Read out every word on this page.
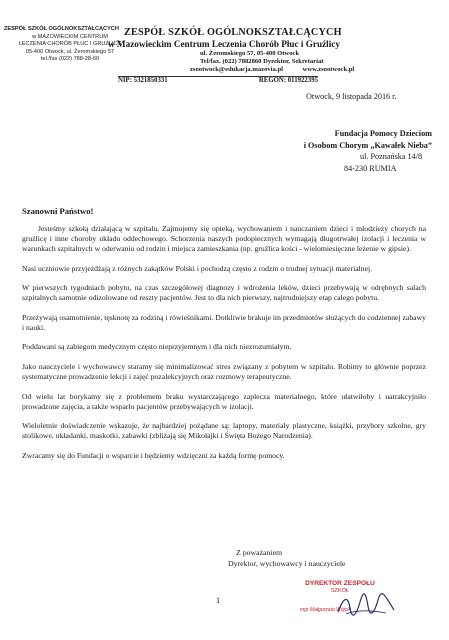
ZESPÓŁ SZKÓŁ OGÓLNOKSZTAŁCĄCYCH
w MAZOWIECKIM CENTRUM
LECZENIA CHORÓB PŁUC I GRUŹLICY
05-400 Otwock, ul. Żeromskiego 57
tel./fax (022) 788-28-60
ZESPÓŁ SZKÓŁ OGÓLNOKSZTAŁCĄCYCH
w Mazowieckim Centrum Leczenia Chorób Płuc i Gruźlicy
ul. Żeromskiego 57, 05-400 Otwock
Tel/fax. (022) 7882860 Dyrektor, Sekretariat
zsootwock@edukacja.mazovia.pl	www.zsootwock.pl
NIP: 5321850331	REGON: 011922395
Otwock, 9 listopada 2016 r.
Fundacja Pomocy Dzieciom
i Osobom Chorym „Kawałek Nieba”
ul. Poznańska 14/8
84-230 RUMIA
Szanowni Państwo!

Jesteśmy szkołą działającą w szpitalu. Zajmujemy się opieką, wychowaniem i nauczaniem dzieci i młodzieży chorych na gruźlicę i inne choroby układu oddechowego. Schorzenia naszych podopiecznych wymagają długotrwałej izolacji i leczenia w warunkach szpitalnych w oderwaniu od rodzin i miejsca zamieszkania (np. gruźlica kości - wielomiesięczne leżenie w gipsie).

Nasi uczniowie przyjeżdżają z różnych zakątków Polski i pochodzą często z rodzin o trudnej sytuacji materialnej.

W pierwszych tygodniach pobytu, na czas szczegółowej diagnozy i wdrożenia leków, dzieci przebywają w odrębnych salach szpitalnych samotnie odizolowane od reszty pacjentów. Jest to dla nich pierwszy, najtrudniejszy etap całego pobytu.

Przeżywają osamotnienie, tęsknotę za rodziną i rówieśnikami. Dotkliwie brakuje im przedmiotów służących do codziennej zabawy i nauki.

Poddawani są zabiegom medycznym często nieprzyjemnym i dla nich niezrozumiałym.

Jako nauczyciele i wychowawcy staramy się minimalizować stres związany z pobytem w szpitalu. Robimy to głównie poprzez systematyczne prowadzenie lekcji i zajęć pozalekcyjnych oraz rozmowy terapeutyczne.

Od wielu lat borykamy się z problemem braku wystarczającego zaplecza materialnego, które ułatwiłoby i uatrakcyjniło prowadzone zajęcia, a także wsparło pacjentów przebywających w izolacji.

Wieloletnie doświadczenie wskazuje, że najbardziej pożądane są: laptopy, materiały plastyczne, książki, przybory szkolne, gry stolikowe, układanki, maskotki, zabawki (zbliżają się Mikołajki i Święta Bożego Narodzenia).

Zwracamy się do Fundacji o wsparcie i będziemy wdzięczni za każdą formę pomocy.

Z poważaniem
Dyrektor, wychowawcy i nauczyciele
1
DYREKTOR ZESPOŁU
SZKÓŁ
mgr Małgorzata Wójcik
